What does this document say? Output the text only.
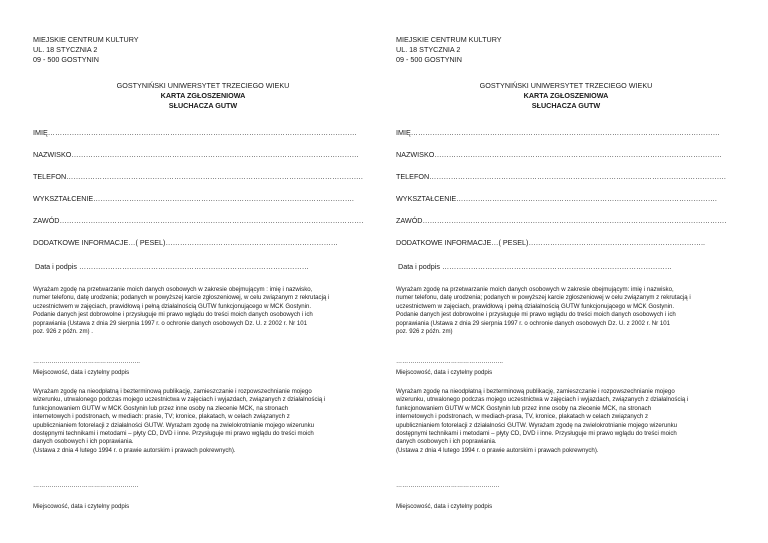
MIEJSKIE CENTRUM KULTURY
UL. 18 STYCZNIA 2
09 - 500 GOSTYNIN
GOSTYNIŃSKI UNIWERSYTET TRZECIEGO WIEKU
KARTA ZGŁOSZENIOWA
SŁUCHACZA GUTW
IMIĘ…………………………………………………………………………………………………………………
NAZWISKO…………………………………………………………………………………………………………
TELEFON…………………………………………………………………………………………………………….
WYKSZTAŁCENIE……………………………………………………………………………………………….
ZAWÓD……………………………………………………………………………………………………………….
DODATKOWE INFORMACJE…( PESEL)………………………………………………………………
Data i podpis ……………………………………………………………………………………
Wyrażam zgodę na przetwarzanie moich danych osobowych w zakresie obejmującym : imię i nazwisko,
numer telefonu, datę urodzenia; podanych w powyższej karcie zgłoszeniowej, w celu związanym z rekrutacją i
uczestnictwem w zajęciach, prawidłową i pełną działalnością GUTW funkcjonującego w MCK Gostynin.
Podanie danych jest dobrowolne i przysługuje mi prawo wglądu do treści moich danych osobowych i ich
poprawiania (Ustawa z dnia 29 sierpnia 1997 r. o ochronie danych osobowych Dz. U. z 2002 r. Nr 101
poz. 926 z późn. zm) .
……………………………………………..
Miejscowość, data i czytelny podpis
Wyrażam zgodę na nieodpłatną i bezterminową publikację, zamieszczanie i rozpowszechnianie mojego
wizerunku, utrwalonego podczas mojego uczestnictwa w zajęciach i wyjazdach, związanych z działalnością i
funkcjonowaniem GUTW w MCK Gostynin lub przez inne osoby na zlecenie MCK, na stronach
internetowych i podstronach, w mediach: prasie, TV; kronice, plakatach, w celach związanych z
upublicznianiem fotorelacji z działalności GUTW. Wyrażam zgodę na zwielokrotnianie mojego wizerunku
dostępnymi technikami i metodami – płyty CD, DVD i inne. Przysługuje mi prawo wglądu do treści moich
danych osobowych i ich poprawiania.
(Ustawa z dnia 4 lutego 1994 r. o prawie autorskim i prawach pokrewnych).
…………………………………………….
Miejscowość, data i czytelny podpis
MIEJSKIE CENTRUM KULTURY
UL. 18 STYCZNIA 2
09 - 500 GOSTYNIN
GOSTYNIŃSKI UNIWERSYTET TRZECIEGO WIEKU
KARTA ZGŁOSZENIOWA
SŁUCHACZA GUTW
IMIĘ…………………………………………………………………………………………………………………
NAZWISKO…………………………………………………………………………………………………………
TELEFON…………………………………………………………………………………………………………….
WYKSZTAŁCENIE……………………………………………………………………………………………….
ZAWÓD……………………………………………………………………………………………………………….
DODATKOWE INFORMACJE…( PESEL)………………………………………………………………..
Data i podpis ……………………………………………………………………………………
Wyrażam zgodę na przetwarzanie moich danych osobowych w zakresie obejmującym: imię i nazwisko,
numer telefonu, datę urodzenia; podanych w powyższej karcie zgłoszeniowej w celu związanym z rekrutacją i
uczestnictwem w zajęciach, prawidłową i pełną działalnością GUTW funkcjonującego w MCK Gostynin.
Podanie danych jest dobrowolne i przysługuje mi prawo wglądu do treści moich danych osobowych i ich
poprawiania (Ustawa z dnia 29 sierpnia 1997 r. o ochronie danych osobowych Dz. U. z 2002 r. Nr 101
poz. 926 z późn. zm)
……………………………………………..
Miejscowość, data i czytelny podpis
Wyrażam zgodę na nieodpłatną i bezterminową publikację, zamieszczanie i rozpowszechnianie mojego
wizerunku, utrwalonego podczas mojego uczestnictwa w zajęciach i wyjazdach, związanych z działalnością i
funkcjonowaniem GUTW w MCK Gostynin lub przez inne osoby na zlecenie MCK, na stronach
internetowych i podstronach, w mediach-prasa, TV, kronice, plakatach w celach związanych z
upublicznianiem fotorelacji z działalności GUTW. Wyrażam zgodę na zwielokrotnianie mojego wizerunku
dostępnymi technikami i metodami – płyty CD, DVD i inne. Przysługuje mi prawo wglądu do treści moich
danych osobowych i ich poprawiania.
(Ustawa z dnia 4 lutego 1994 r. o prawie autorskim i prawach pokrewnych).
……………………………………………
Miejscowość, data i czytelny podpis
